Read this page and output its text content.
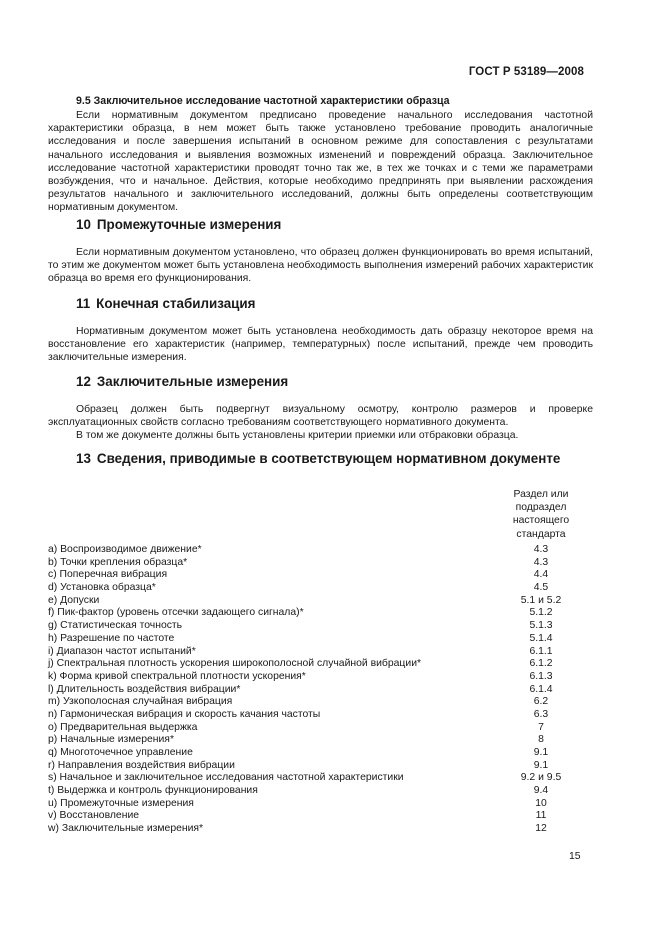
ГОСТ Р 53189—2008
9.5 Заключительное исследование частотной характеристики образца

Если нормативным документом предписано проведение начального исследования частотной характеристики образца, в нем может быть также установлено требование проводить аналогичные исследования и после завершения испытаний в основном режиме для сопоставления с результатами начального исследования и выявления возможных изменений и повреждений образца. Заключительное исследование частотной характеристики проводят точно так же, в тех же точках и с теми же параметрами возбуждения, что и начальное. Действия, которые необходимо предпринять при выявлении расхождения результатов начального и заключительного исследований, должны быть определены соответствующим нормативным документом.

10 Промежуточные измерения

Если нормативным документом установлено, что образец должен функционировать во время испытаний, то этим же документом может быть установлена необходимость выполнения измерений рабочих характеристик образца во время его функционирования.

11 Конечная стабилизация

Нормативным документом может быть установлена необходимость дать образцу некоторое время на восстановление его характеристик (например, температурных) после испытаний, прежде чем проводить заключительные измерения.

12 Заключительные измерения

Образец должен быть подвергнут визуальному осмотру, контролю размеров и проверке эксплуатационных свойств согласно требованиям соответствующего нормативного документа.

В том же документе должны быть установлены критерии приемки или отбраковки образца.

13 Сведения, приводимые в соответствующем нормативном документе
Раздел или
подраздел
настоящего
стандарта
a) Воспроизводимое движение*	4.3
b) Точки крепления образца*	4.3
c) Поперечная вибрация	4.4
d) Установка образца*	4.5
e) Допуски	5.1 и 5.2
f) Пик-фактор (уровень отсечки задающего сигнала)*	5.1.2
g) Статистическая точность	5.1.3
h) Разрешение по частоте	5.1.4
i) Диапазон частот испытаний*	6.1.1
j) Спектральная плотность ускорения широкополосной случайной вибрации*	6.1.2
k) Форма кривой спектральной плотности ускорения*	6.1.3
l) Длительность воздействия вибрации*	6.1.4
m) Узкополосная случайная вибрация	6.2
n) Гармоническая вибрация и скорость качания частоты	6.3
o) Предварительная выдержка	7
p) Начальные измерения*	8
q) Многоточечное управление	9.1
r) Направления воздействия вибрации	9.1
s) Начальное и заключительное исследования частотной характеристики	9.2 и 9.5
t) Выдержка и контроль функционирования	9.4
u) Промежуточные измерения	10
v) Восстановление	11
w) Заключительные измерения*	12
15
